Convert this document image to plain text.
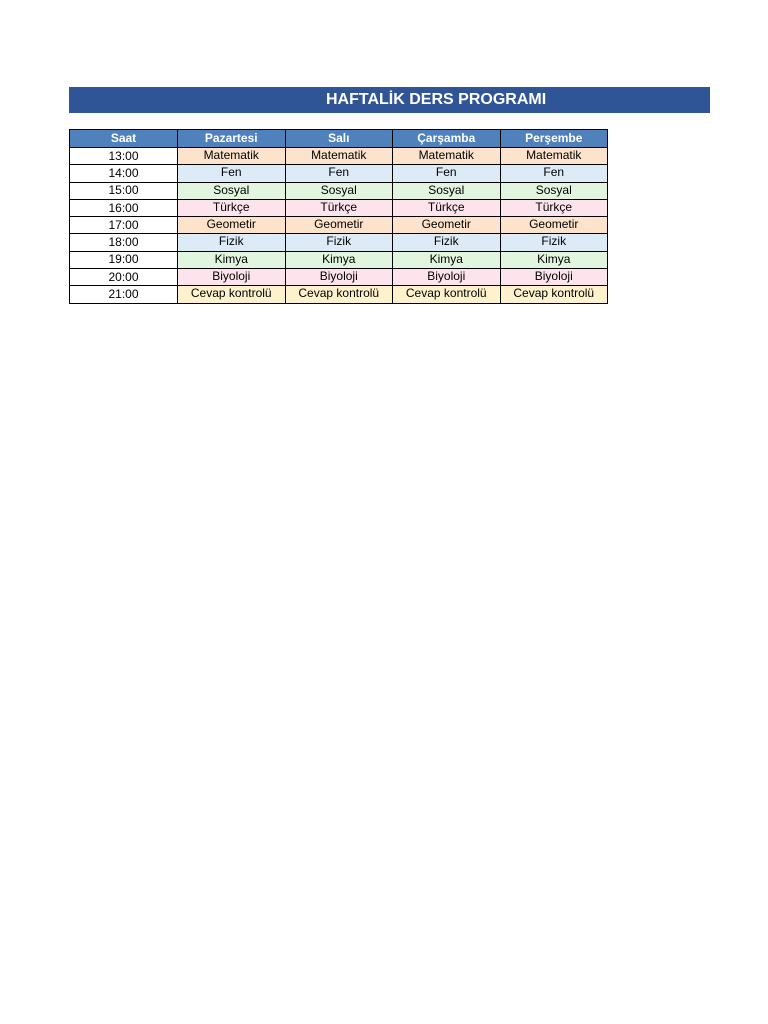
HAFTALİK DERS PROGRAMI
Saat	Pazartesi	Salı	Çarşamba	Perşembe
13:00	Matematik	Matematik	Matematik	Matematik
14:00	Fen	Fen	Fen	Fen
15:00	Sosyal	Sosyal	Sosyal	Sosyal
16:00	Türkçe	Türkçe	Türkçe	Türkçe
17:00	Geometir	Geometir	Geometir	Geometir
18:00	Fizik	Fizik	Fizik	Fizik
19:00	Kimya	Kimya	Kimya	Kimya
20:00	Biyoloji	Biyoloji	Biyoloji	Biyoloji
21:00	Cevap kontrolü	Cevap kontrolü	Cevap kontrolü	Cevap kontrolü
